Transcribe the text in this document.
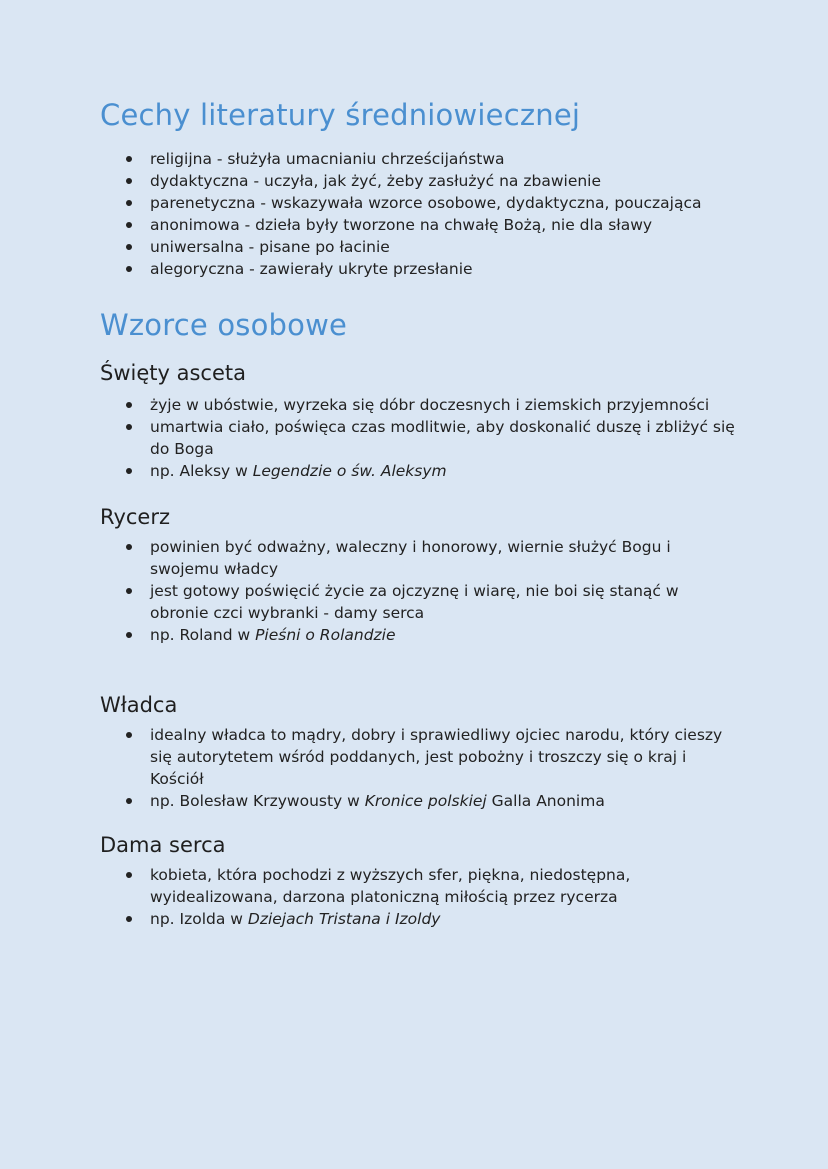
Cechy literatury średniowiecznej
religijna - służyła umacnianiu chrześcijaństwa
dydaktyczna - uczyła, jak żyć, żeby zasłużyć na zbawienie
parenetyczna - wskazywała wzorce osobowe, dydaktyczna, pouczająca
anonimowa - dzieła były tworzone na chwałę Bożą, nie dla sławy
uniwersalna - pisane po łacinie
alegoryczna - zawierały ukryte przesłanie
Wzorce osobowe
Święty asceta
żyje w ubóstwie, wyrzeka się dóbr doczesnych i ziemskich przyjemności
umartwia ciało, poświęca czas modlitwie, aby doskonalić duszę i zbliżyć się do Boga
np. Aleksy w Legendzie o św. Aleksym
Rycerz
powinien być odważny, waleczny i honorowy, wiernie służyć Bogu i swojemu władcy
jest gotowy poświęcić życie za ojczyznę i wiarę, nie boi się stanąć w obronie czci wybranki - damy serca
np. Roland w Pieśni o Rolandzie
Władca
idealny władca to mądry, dobry i sprawiedliwy ojciec narodu, który cieszy się autorytetem wśród poddanych, jest pobożny i troszczy się o kraj i Kościół
np. Bolesław Krzywousty w Kronice polskiej Galla Anonima
Dama serca
kobieta, która pochodzi z wyższych sfer, piękna, niedostępna, wyidealizowana, darzona platoniczną miłością przez rycerza
np. Izolda w Dziejach Tristana i Izoldy
